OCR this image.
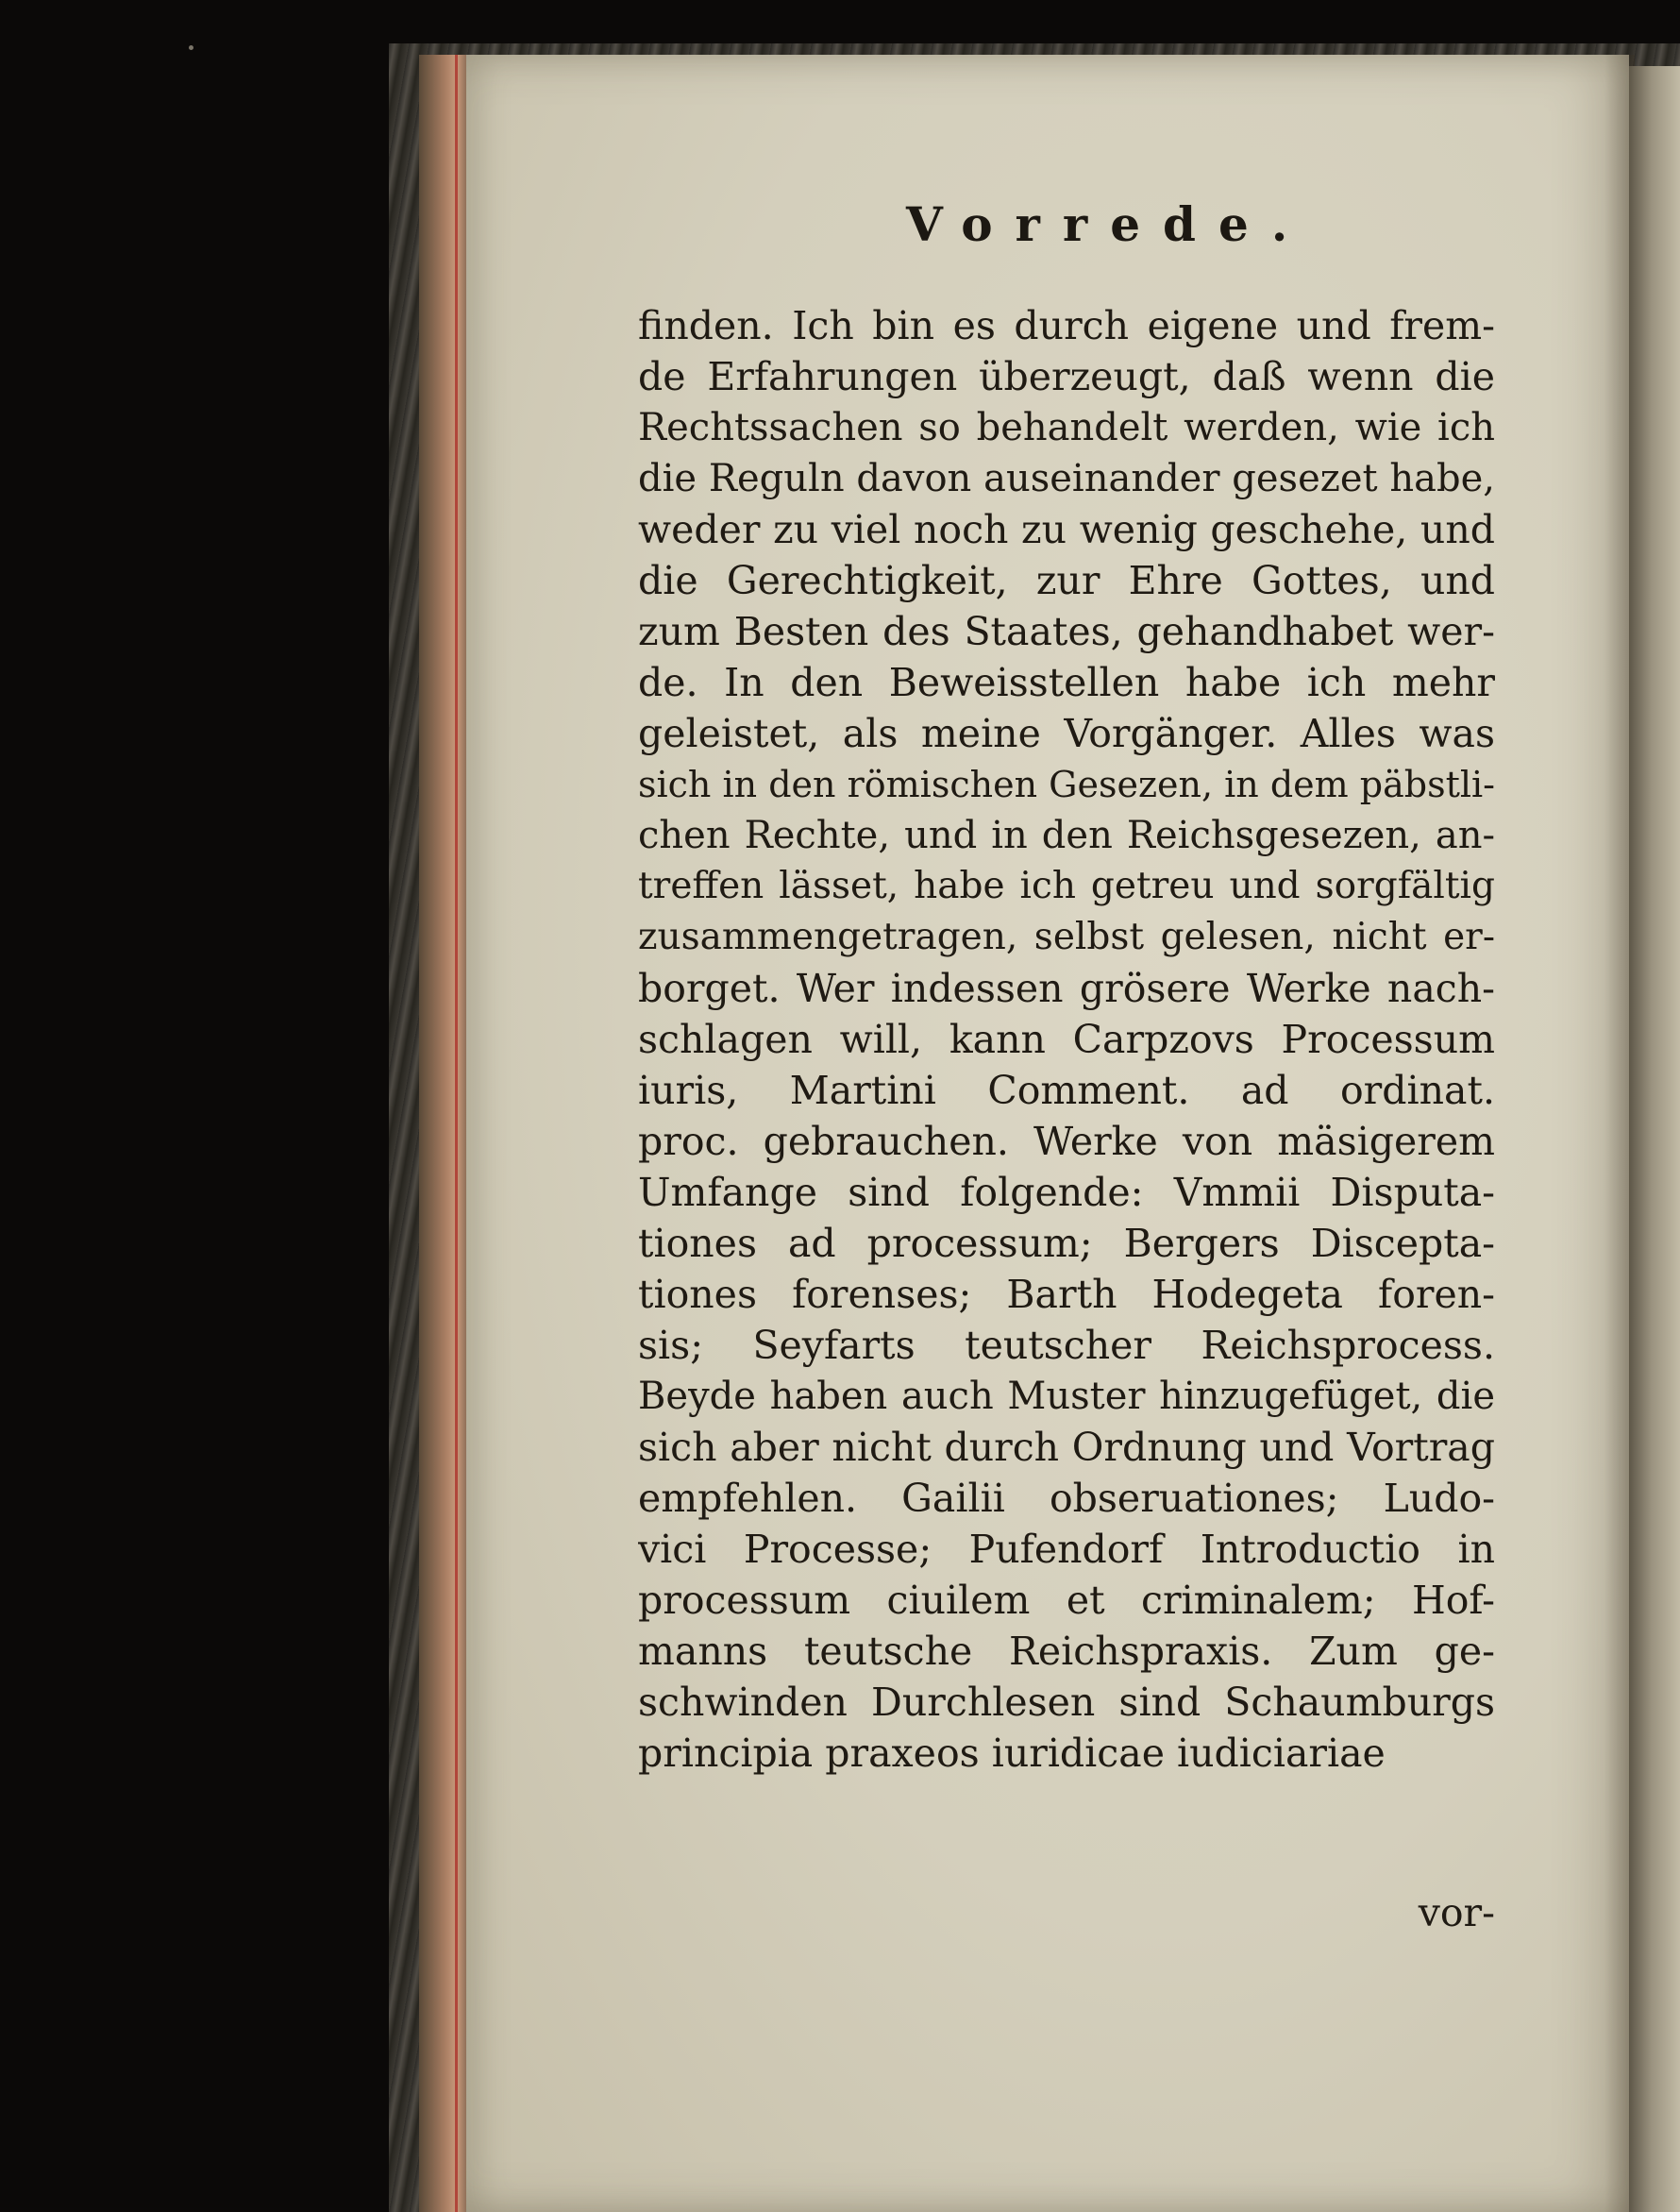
Vorrede.
finden. Ich bin es durch eigene und frem-
de Erfahrungen überzeugt, daß wenn die
Rechtssachen so behandelt werden, wie ich
die Reguln davon auseinander gesezet habe,
weder zu viel noch zu wenig geschehe, und
die Gerechtigkeit, zur Ehre Gottes, und
zum Besten des Staates, gehandhabet wer-
de. In den Beweisstellen habe ich mehr
geleistet, als meine Vorgänger. Alles was
sich in den römischen Gesezen, in dem päbstli-
chen Rechte, und in den Reichsgesezen, an-
treffen lässet, habe ich getreu und sorgfältig
zusammengetragen, selbst gelesen, nicht er-
borget. Wer indessen grösere Werke nach-
schlagen will, kann Carpzovs Processum
iuris, Martini Comment. ad ordinat.
proc. gebrauchen. Werke von mäsigerem
Umfange sind folgende: Vmmii Disputa-
tiones ad processum; Bergers Discepta-
tiones forenses; Barth Hodegeta foren-
sis; Seyfarts teutscher Reichsprocess.
Beyde haben auch Muster hinzugefüget, die
sich aber nicht durch Ordnung und Vortrag
empfehlen. Gailii obseruationes; Ludo-
vici Processe; Pufendorf Introductio in
processum ciuilem et criminalem; Hof-
manns teutsche Reichspraxis. Zum ge-
schwinden Durchlesen sind Schaumburgs
principia praxeos iuridicae iudiciariae
vor-
